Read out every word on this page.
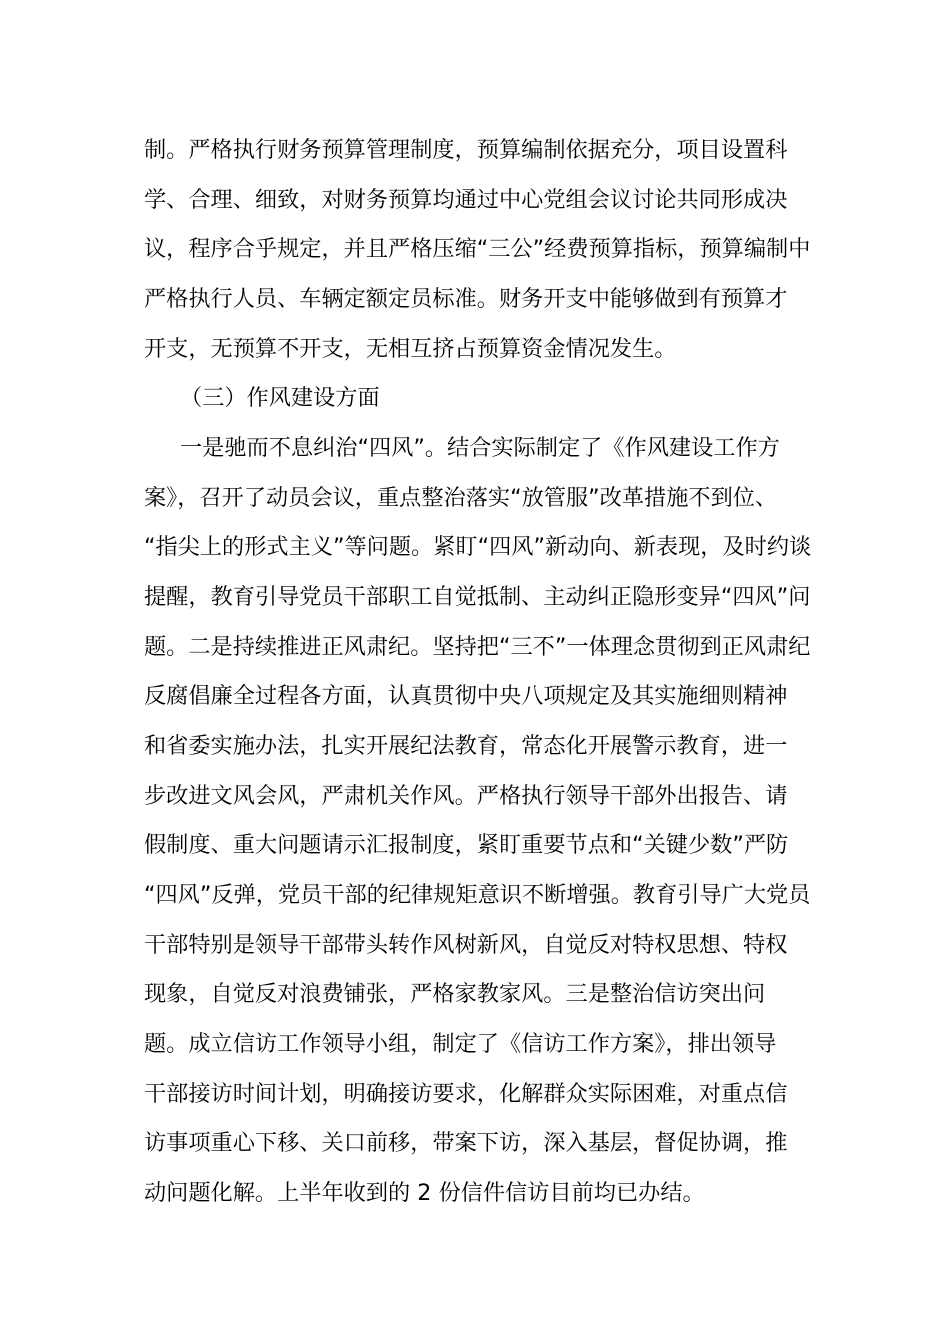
制。严格执行财务预算管理制度，预算编制依据充分，项目设置科
学、合理、细致，对财务预算均通过中心党组会议讨论共同形成决
议，程序合乎规定，并且严格压缩“三公”经费预算指标，预算编制中
严格执行人员、车辆定额定员标准。财务开支中能够做到有预算才
开支，无预算不开支，无相互挤占预算资金情况发生。
（三）作风建设方面
一是驰而不息纠治“四风”。结合实际制定了《作风建设工作方
案》，召开了动员会议，重点整治落实“放管服”改革措施不到位、
“指尖上的形式主义”等问题。紧盯“四风”新动向、新表现，及时约谈
提醒，教育引导党员干部职工自觉抵制、主动纠正隐形变异“四风”问
题。二是持续推进正风肃纪。坚持把“三不”一体理念贯彻到正风肃纪
反腐倡廉全过程各方面，认真贯彻中央八项规定及其实施细则精神
和省委实施办法，扎实开展纪法教育，常态化开展警示教育，进一
步改进文风会风，严肃机关作风。严格执行领导干部外出报告、请
假制度、重大问题请示汇报制度，紧盯重要节点和“关键少数”严防
“四风”反弹，党员干部的纪律规矩意识不断增强。教育引导广大党员
干部特别是领导干部带头转作风树新风，自觉反对特权思想、特权
现象，自觉反对浪费铺张，严格家教家风。三是整治信访突出问
题。成立信访工作领导小组，制定了《信访工作方案》，排出领导
干部接访时间计划，明确接访要求，化解群众实际困难，对重点信
访事项重心下移、关口前移，带案下访，深入基层，督促协调，推
动问题化解。上半年收到的 2 份信件信访目前均已办结。
